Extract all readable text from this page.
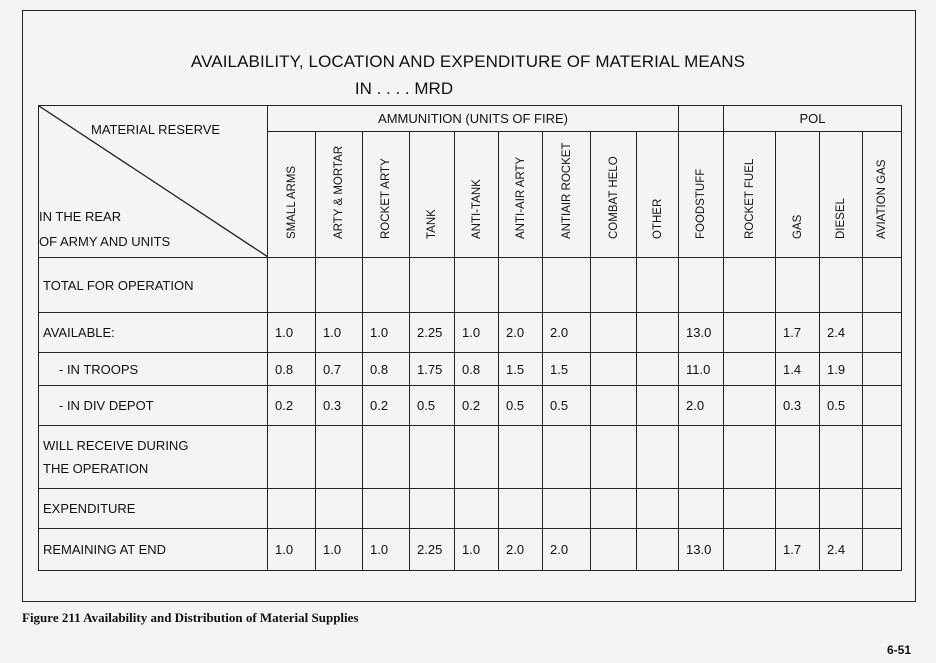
AVAILABILITY, LOCATION AND EXPENDITURE OF MATERIAL MEANS
IN . . . . MRD
MATERIAL RESERVE
IN THE REAR
OF ARMY AND UNITS	AMMUNITION (UNITS OF FIRE)										POL			

	SMALL ARMS	ARTY & MORTAR	ROCKET ARTY	TANK	ANTI-TANK	ANTI-AIR ARTY	ANTIAIR ROCKET	COMBAT HELO	OTHER	FOODSTUFF	ROCKET FUEL	GAS	DIESEL	AVIATION GAS

TOTAL FOR OPERATION														

AVAILABLE:	1.0	1.0	1.0	2.25	1.0	2.0	2.0			13.0		1.7	2.4	

- IN TROOPS	0.8	0.7	0.8	1.75	0.8	1.5	1.5			11.0		1.4	1.9	

- IN DIV DEPOT	0.2	0.3	0.2	0.5	0.2	0.5	0.5			2.0		0.3	0.5	

WILL RECEIVE DURING
THE OPERATION														

EXPENDITURE														

REMAINING AT END	1.0	1.0	1.0	2.25	1.0	2.0	2.0			13.0		1.7	2.4	
Figure 211 Availability and Distribution of Material Supplies
6-51
